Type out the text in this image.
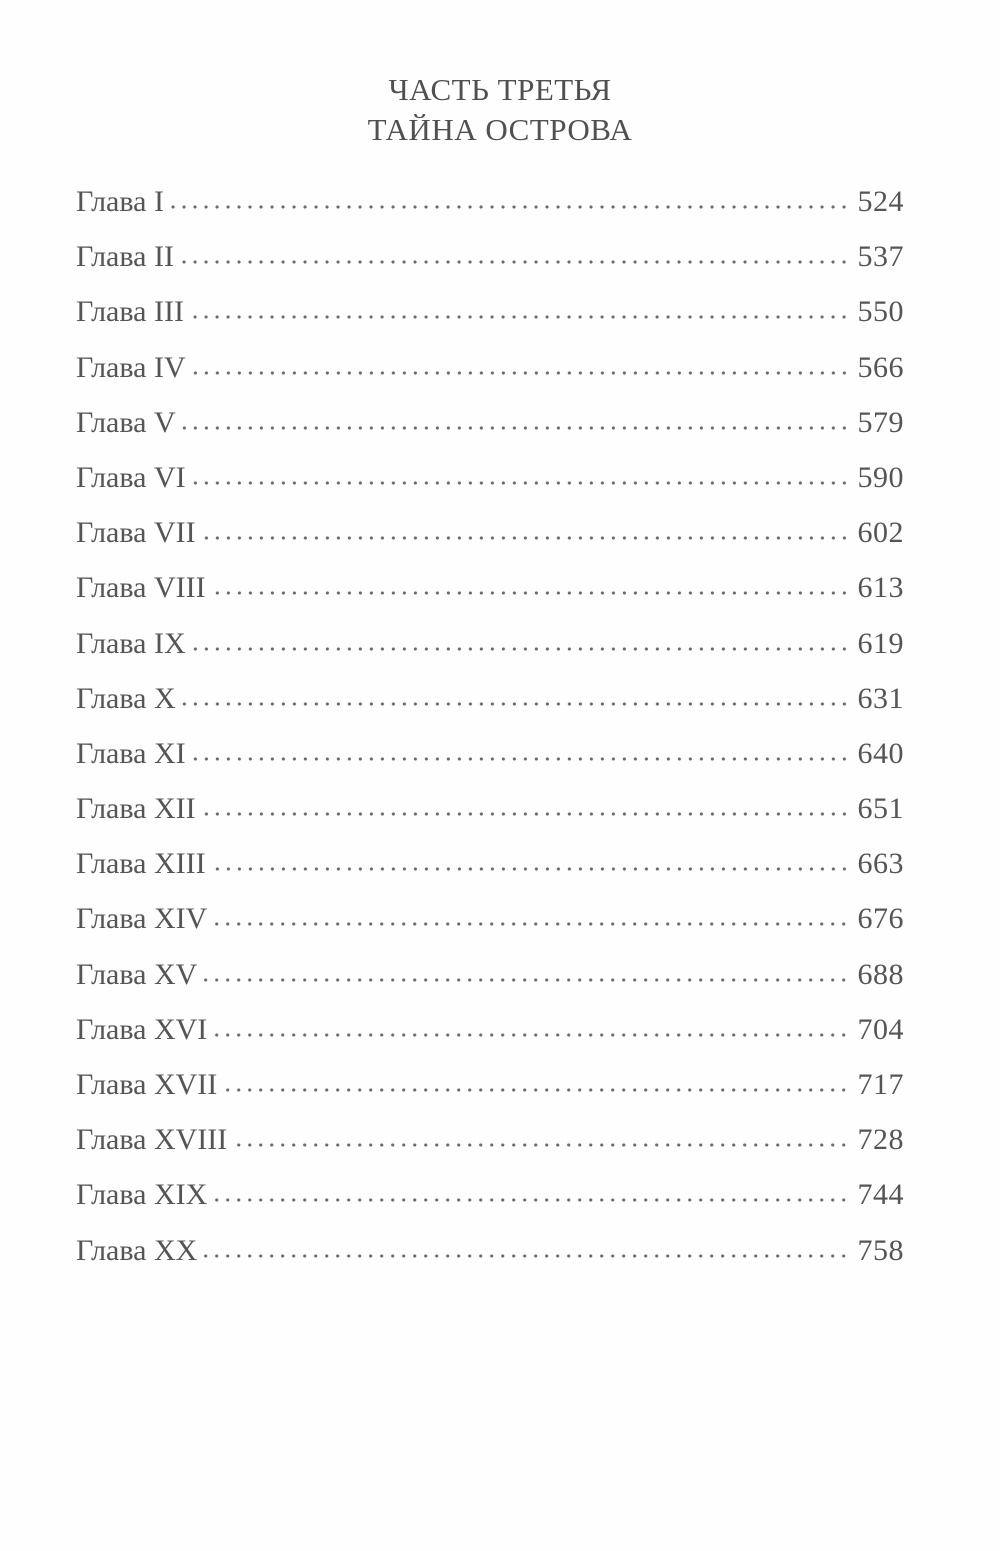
ЧАСТЬ ТРЕТЬЯ
ТАЙНА ОСТРОВА
Глава I	524
Глава II	537
Глава III	550
Глава IV	566
Глава V	579
Глава VI	590
Глава VII	602
Глава VIII	613
Глава IX	619
Глава X	631
Глава XI	640
Глава XII	651
Глава XIII	663
Глава XIV	676
Глава XV	688
Глава XVI	704
Глава XVII	717
Глава XVIII	728
Глава XIX	744
Глава XX	758
